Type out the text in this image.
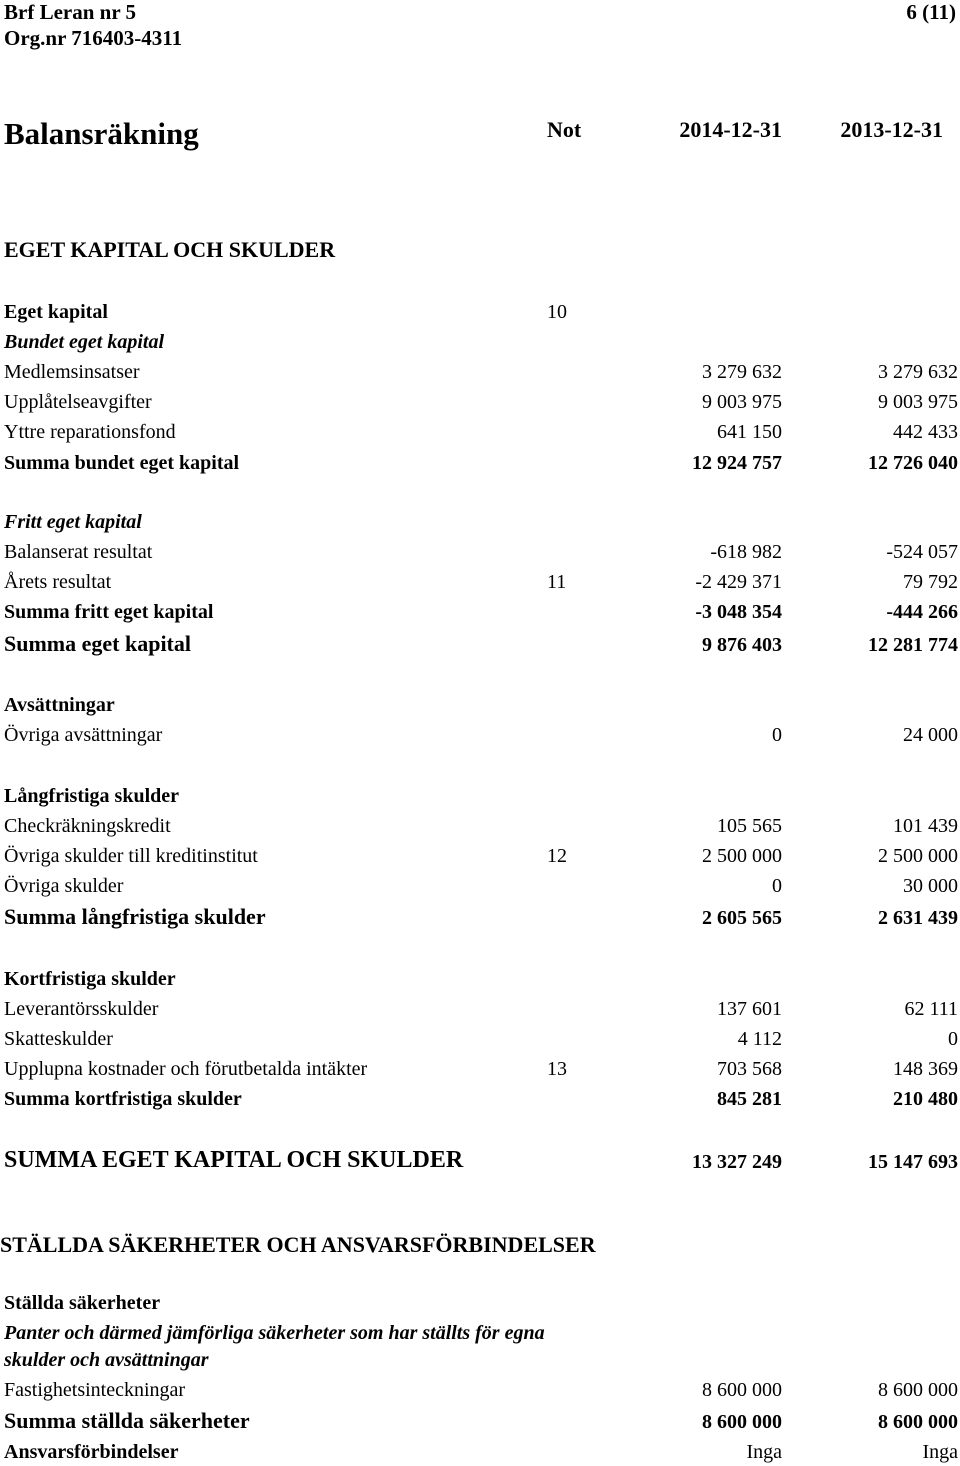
Brf Leran nr 5
Org.nr 716403-4311
6 (11)
Balansräkning	Not	2014-12-31	2013-12-31
EGET KAPITAL OCH SKULDER
Eget kapital	10
Bundet eget kapital
Medlemsinsatser	3 279 632	3 279 632
Upplåtelseavgifter	9 003 975	9 003 975
Yttre reparationsfond	641 150	442 433
Summa bundet eget kapital	12 924 757	12 726 040
Fritt eget kapital
Balanserat resultat	-618 982	-524 057
Årets resultat	11	-2 429 371	79 792
Summa fritt eget kapital	-3 048 354	-444 266
Summa eget kapital	9 876 403	12 281 774
Avsättningar
Övriga avsättningar	0	24 000
Långfristiga skulder
Checkräkningskredit	105 565	101 439
Övriga skulder till kreditinstitut	12	2 500 000	2 500 000
Övriga skulder	0	30 000
Summa långfristiga skulder	2 605 565	2 631 439
Kortfristiga skulder
Leverantörsskulder	137 601	62 111
Skatteskulder	4 112	0
Upplupna kostnader och förutbetalda intäkter	13	703 568	148 369
Summa kortfristiga skulder	845 281	210 480
SUMMA EGET KAPITAL OCH SKULDER	13 327 249	15 147 693
STÄLLDA SÄKERHETER OCH ANSVARSFÖRBINDELSER
Ställda säkerheter
Panter och därmed jämförliga säkerheter som har ställts för egna
skulder och avsättningar
Fastighetsinteckningar	8 600 000	8 600 000
Summa ställda säkerheter	8 600 000	8 600 000
Ansvarsförbindelser	Inga	Inga
